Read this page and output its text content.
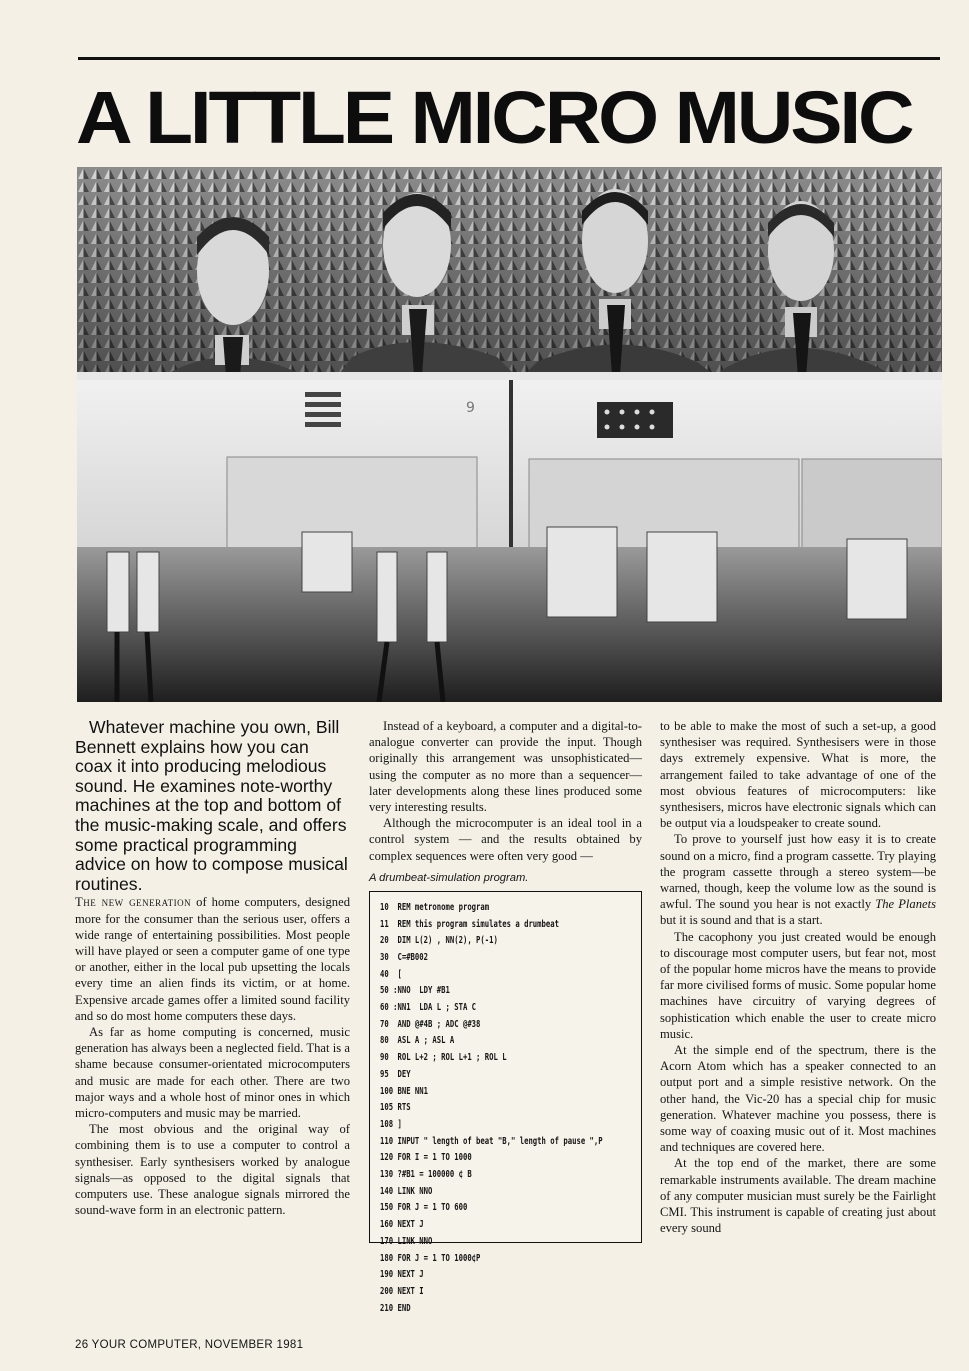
A LITTLE MICRO MUSIC
9

Whatever machine you own, Bill Bennett explains how you can coax it into producing melodious sound. He examines note-worthy machines at the top and bottom of the music-making scale, and offers some practical programming advice on how to compose musical routines.

The new generation of home computers, designed more for the consumer than the serious user, offers a wide range of entertaining possibilities. Most people will have played or seen a computer game of one type or another, either in the local pub upsetting the locals every time an alien finds its victim, or at home. Expensive arcade games offer a limited sound facility and so do most home computers these days.

As far as home computing is concerned, music generation has always been a neglected field. That is a shame because consumer-orientated microcomputers and music are made for each other. There are two major ways and a whole host of minor ones in which micro-computers and music may be married.

The most obvious and the original way of combining them is to use a computer to control a synthesiser. Early synthesisers worked by analogue signals—as opposed to the digital signals that computers use. These analogue signals mirrored the sound-wave form in an electronic pattern.

Instead of a keyboard, a computer and a digital-to-analogue converter can provide the input. Though originally this arrangement was unsophisticated—using the computer as no more than a sequencer—later developments along these lines produced some very interesting results.

Although the microcomputer is an ideal tool in a control system — and the results obtained by complex sequences were often very good —

A drumbeat-simulation program.
10  REM metronome program
11  REM this program simulates a drumbeat
20  DIM L(2) , NN(2), P(-1)
30  C=#B002
40  [
50 :NNO  LDY #B1
60 :NN1  LDA L ; STA C
70  AND @#4B ; ADC @#38
80  ASL A ; ASL A
90  ROL L+2 ; ROL L+1 ; ROL L
95  DEY
100 BNE NN1
105 RTS
108 ]
110 INPUT " length of beat "B," length of pause ",P
120 FOR I = 1 TO 1000
130 ?#B1 = 100000 ¢ B
140 LINK NNO
150 FOR J = 1 TO 600
160 NEXT J
170 LINK NNO
180 FOR J = 1 TO 1000¢P
190 NEXT J
200 NEXT I
210 END

to be able to make the most of such a set-up, a good synthesiser was required. Synthesisers were in those days extremely expensive. What is more, the arrangement failed to take advantage of one of the most obvious features of microcomputers: like synthesisers, micros have electronic signals which can be output via a loudspeaker to create sound.

To prove to yourself just how easy it is to create sound on a micro, find a program cassette. Try playing the program cassette through a stereo system—be warned, though, keep the volume low as the sound is awful. The sound you hear is not exactly The Planets but it is sound and that is a start.

The cacophony you just created would be enough to discourage most computer users, but fear not, most of the popular home micros have the means to provide far more civilised forms of music. Some popular home machines have circuitry of varying degrees of sophistication which enable the user to create micro music.

At the simple end of the spectrum, there is the Acorn Atom which has a speaker connected to an output port and a simple resistive network. On the other hand, the Vic-20 has a special chip for music generation. Whatever machine you possess, there is some way of coaxing music out of it. Most machines and techniques are covered here.

At the top end of the market, there are some remarkable instruments available. The dream machine of any computer musician must surely be the Fairlight CMI. This instrument is capable of creating just about every sound

26 YOUR COMPUTER, NOVEMBER 1981
